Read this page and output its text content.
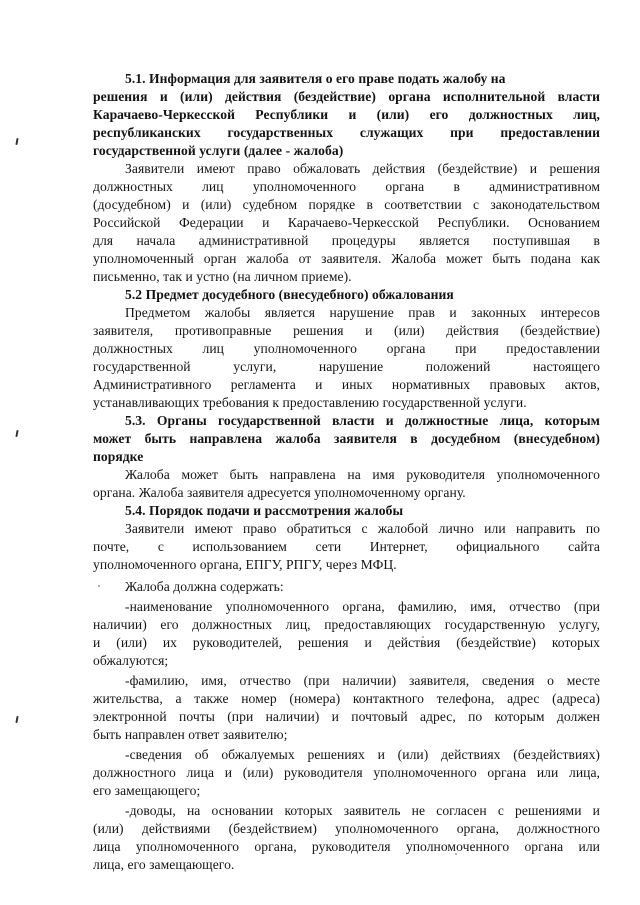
5.1. Информация для заявителя о его праве подать жалобу на

решения и (или) действия (бездействие) органа исполнительной власти

Карачаево-Черкесской Республики и (или) его должностных лиц,

республиканских государственных служащих при предоставлении

государственной услуги (далее - жалоба)

Заявители имеют право обжаловать действия (бездействие) и решения

должностных лиц уполномоченного органа в административном

(досудебном) и (или) судебном порядке в соответствии с законодательством

Российской Федерации и Карачаево-Черкесской Республики. Основанием

для начала административной процедуры является поступившая в

уполномоченный орган жалоба от заявителя. Жалоба может быть подана как

письменно, так и устно (на личном приеме).

5.2 Предмет досудебного (внесудебного) обжалования

Предметом жалобы является нарушение прав и законных интересов

заявителя, противоправные решения и (или) действия (бездействие)

должностных лиц уполномоченного органа при предоставлении

государственной услуги, нарушение положений настоящего

Административного регламента и иных нормативных правовых актов,

устанавливающих требования к предоставлению государственной услуги.

5.3. Органы государственной власти и должностные лица, которым

может быть направлена жалоба заявителя в досудебном (внесудебном)

порядке

Жалоба может быть направлена на имя руководителя уполномоченного

органа. Жалоба заявителя адресуется уполномоченному органу.

5.4. Порядок подачи и рассмотрения жалобы

Заявители имеют право обратиться с жалобой лично или направить по

почте, с использованием сети Интернет, официального сайта

уполномоченного органа, ЕПГУ, РПГУ, через МФЦ.

Жалоба должна содержать:

-наименование уполномоченного органа, фамилию, имя, отчество (при

наличии) его должностных лиц, предоставляющих государственную услугу,

и (или) их руководителей, решения и действия (бездействие) которых

обжалуются;

-фамилию, имя, отчество (при наличии) заявителя, сведения о месте

жительства, а также номер (номера) контактного телефона, адрес (адреса)

электронной почты (при наличии) и почтовый адрес, по которым должен

быть направлен ответ заявителю;

-сведения об обжалуемых решениях и (или) действиях (бездействиях)

должностного лица и (или) руководителя уполномоченного органа или лица,

его замещающего;

-доводы, на основании которых заявитель не согласен с решениями и

(или) действиями (бездействием) уполномоченного органа, должностного

лица уполномоченного органа, руководителя уполномоченного органа или

лица, его замещающего.
